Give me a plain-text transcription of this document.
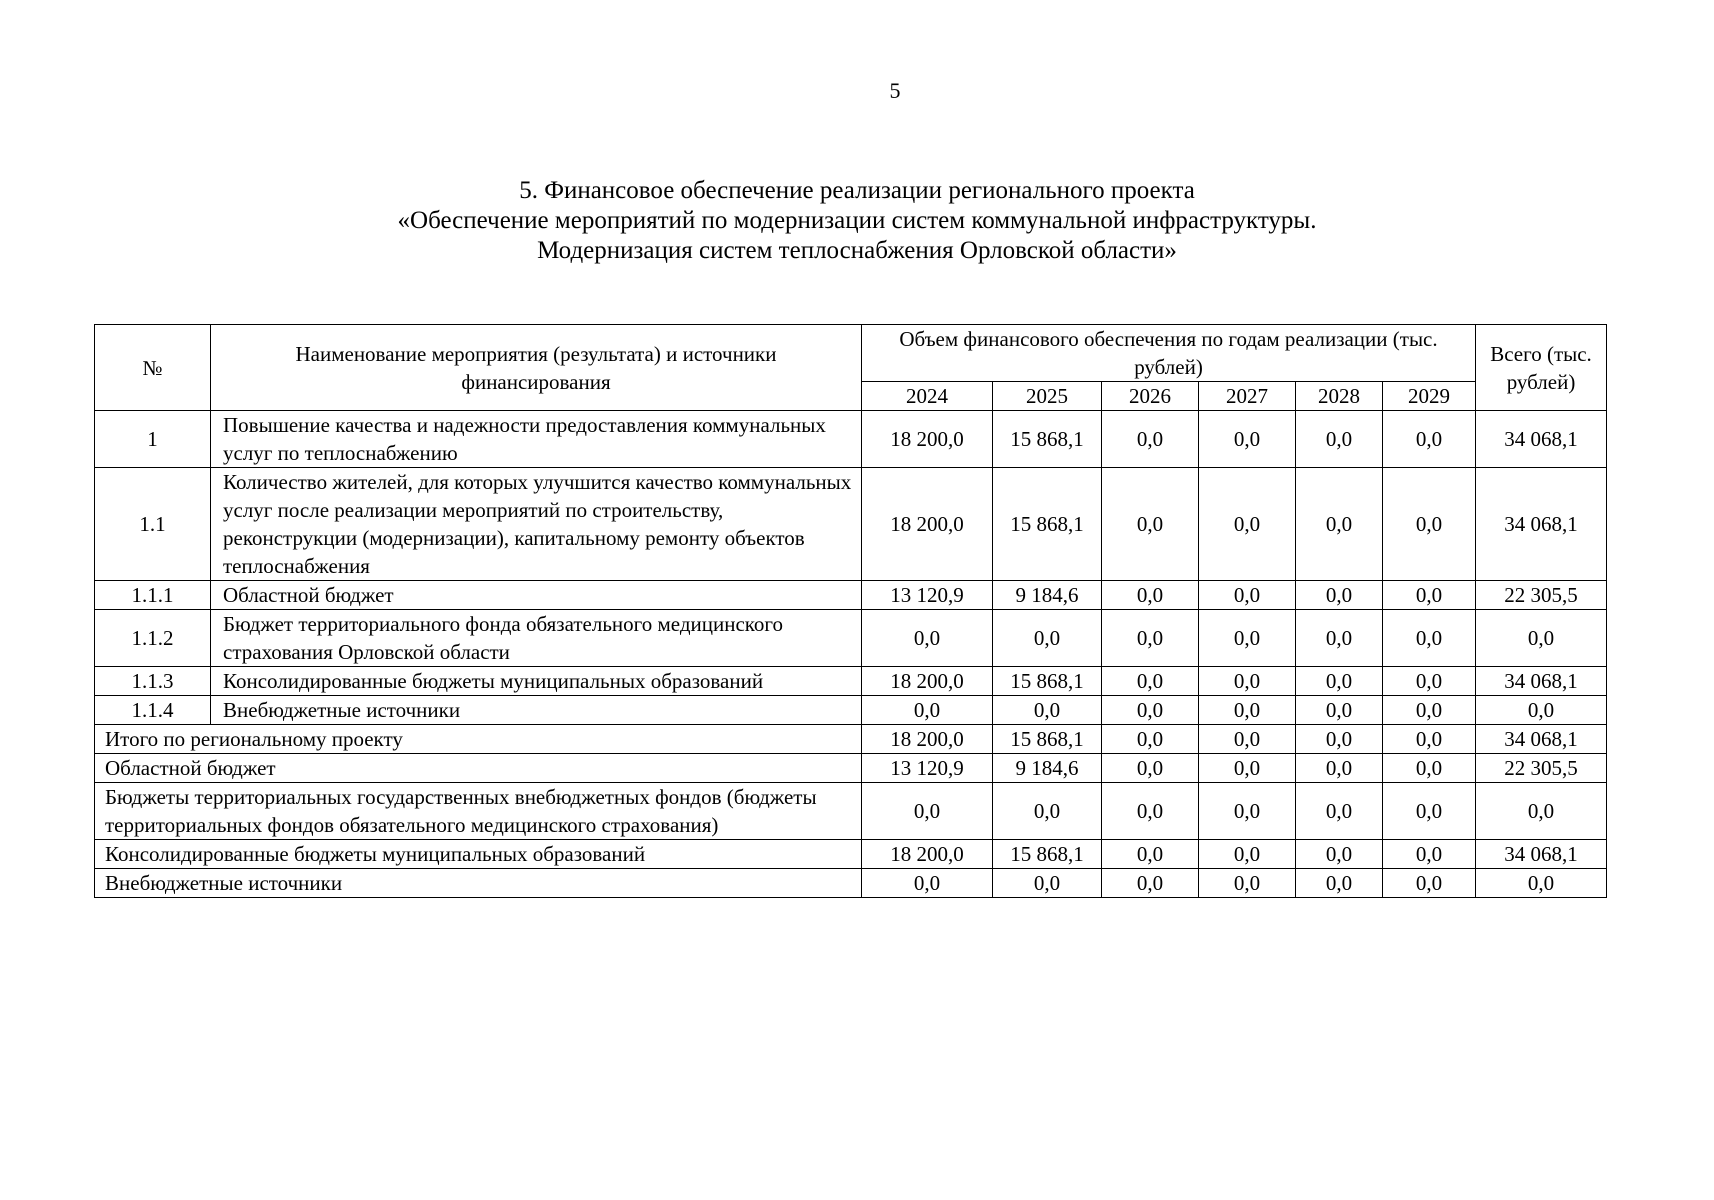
5
5. Финансовое обеспечение реализации регионального проекта
«Обеспечение мероприятий по модернизации систем коммунальной инфраструктуры.
Модернизация систем теплоснабжения Орловской области»
№	Наименование мероприятия (результата) и источники финансирования	Объем финансового обеспечения по годам реализации (тыс. рублей)						Всего (тыс. рублей)
		2024	2025	2026	2027	2028	2029	
1	Повышение качества и надежности предоставления коммунальных услуг по теплоснабжению	18 200,0	15 868,1	0,0	0,0	0,0	0,0	34 068,1
1.1	Количество жителей, для которых улучшится качество коммунальных услуг после реализации мероприятий по строительству, реконструкции (модернизации), капитальному ремонту объектов теплоснабжения	18 200,0	15 868,1	0,0	0,0	0,0	0,0	34 068,1
1.1.1	Областной бюджет	13 120,9	9 184,6	0,0	0,0	0,0	0,0	22 305,5
1.1.2	Бюджет территориального фонда обязательного медицинского страхования Орловской области	0,0	0,0	0,0	0,0	0,0	0,0	0,0
1.1.3	Консолидированные бюджеты муниципальных образований	18 200,0	15 868,1	0,0	0,0	0,0	0,0	34 068,1
1.1.4	Внебюджетные источники	0,0	0,0	0,0	0,0	0,0	0,0	0,0
Итого по региональному проекту		18 200,0	15 868,1	0,0	0,0	0,0	0,0	34 068,1
Областной бюджет		13 120,9	9 184,6	0,0	0,0	0,0	0,0	22 305,5
Бюджеты территориальных государственных внебюджетных фондов (бюджеты территориальных фондов обязательного медицинского страхования)		0,0	0,0	0,0	0,0	0,0	0,0	0,0
Консолидированные бюджеты муниципальных образований		18 200,0	15 868,1	0,0	0,0	0,0	0,0	34 068,1
Внебюджетные источники		0,0	0,0	0,0	0,0	0,0	0,0	0,0
